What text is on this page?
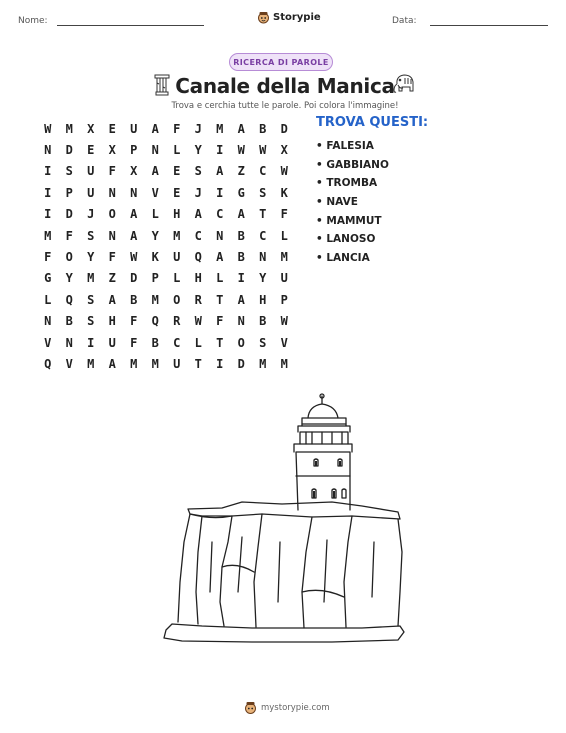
Nome:	Storypie	Data:
RICERCA DI PAROLE
Canale della Manica
Trova e cerchia tutte le parole. Poi colora l'immagine!
W	M	X	E	U	A	F	J	M	A	B	D
N	D	E	X	P	N	L	Y	I	W	W	X
I	S	U	F	X	A	E	S	A	Z	C	W
I	P	U	N	N	V	E	J	I	G	S	K
I	D	J	O	A	L	H	A	C	A	T	F
M	F	S	N	A	Y	M	C	N	B	C	L
F	O	Y	F	W	K	U	Q	A	B	N	M
G	Y	M	Z	D	P	L	H	L	I	Y	U
L	Q	S	A	B	M	O	R	T	A	H	P
N	B	S	H	F	Q	R	W	F	N	B	W
V	N	I	U	F	B	C	L	T	O	S	V
Q	V	M	A	M	M	U	T	I	D	M	M
TROVA QUESTI:
• FALESIA
• GABBIANO
• TROMBA
• NAVE
• MAMMUT
• LANOSO
• LANCIA
mystorypie.com
